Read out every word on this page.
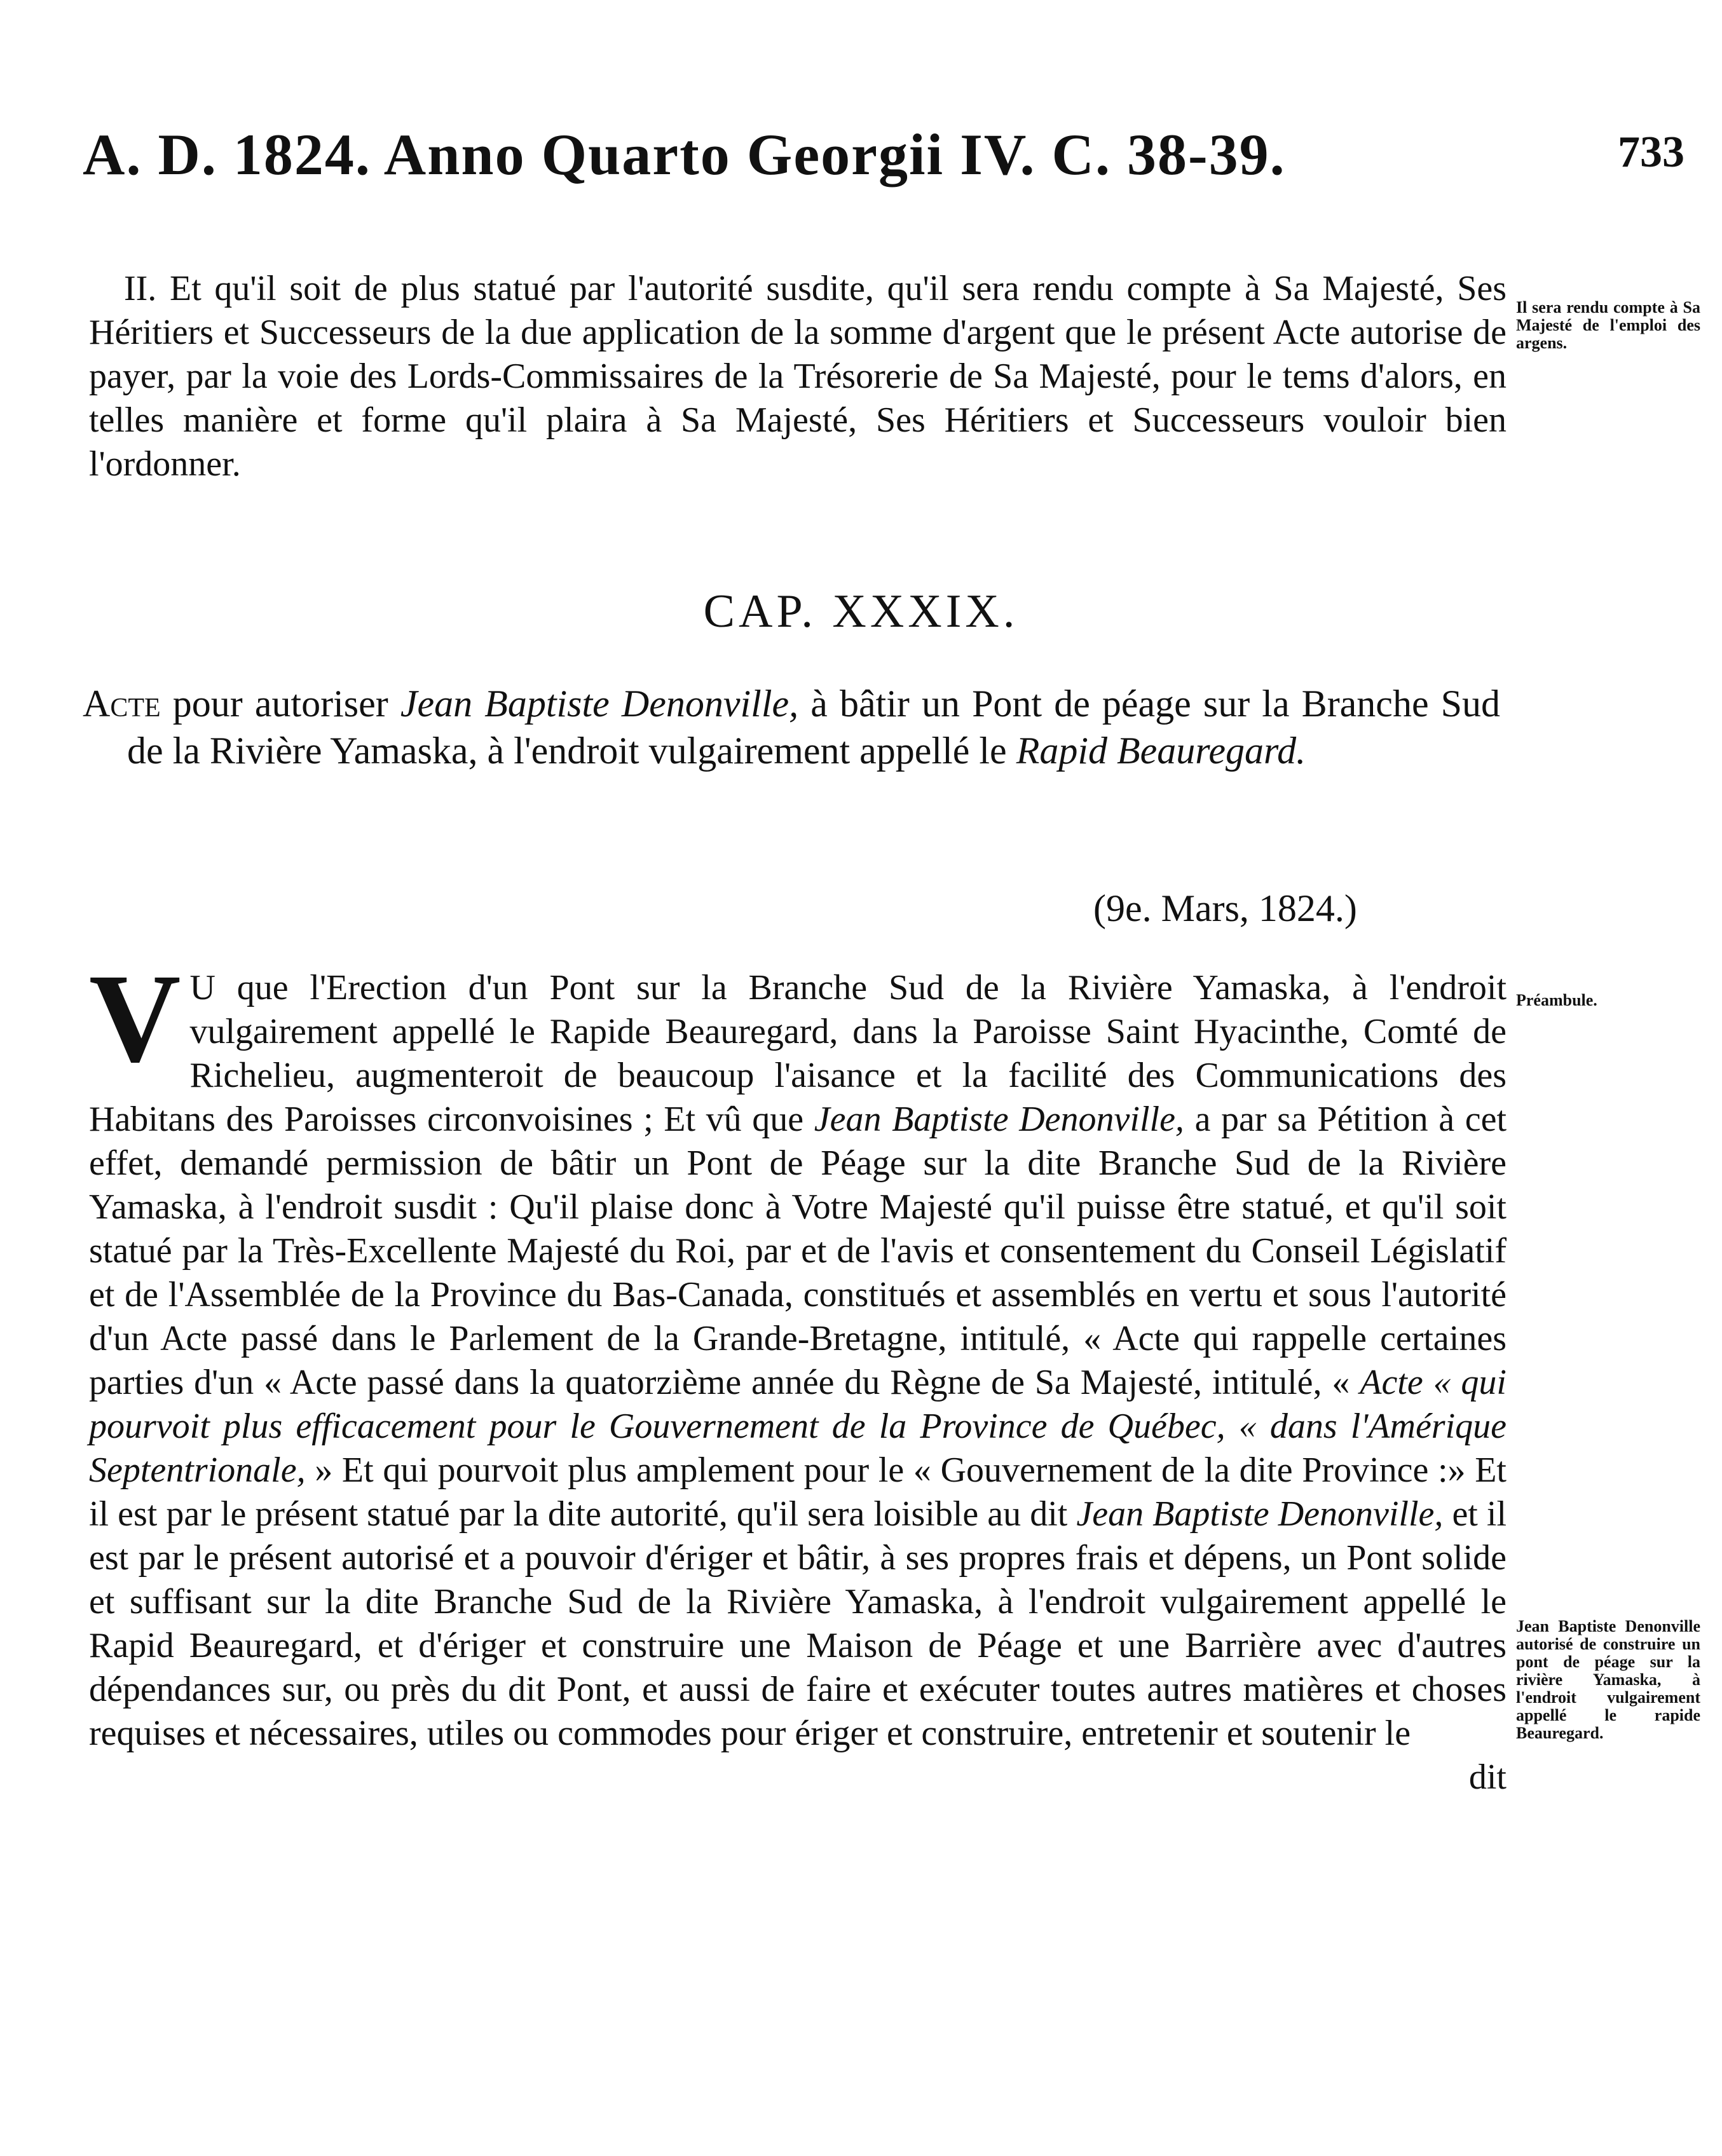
A. D. 1824. Anno Quarto Georgii IV. C. 38-39.	733

II. Et qu'il soit de plus statué par l'autorité susdite, qu'il sera rendu compte à Sa Majesté, Ses Héritiers et Successeurs de la due application de la somme d'argent que le présent Acte autorise de payer, par la voie des Lords-Commissaires de la Trésorerie de Sa Majesté, pour le tems d'alors, en telles manière et forme qu'il plaira à Sa Majesté, Ses Héritiers et Successeurs vouloir bien l'ordonner.

Il sera rendu compte à Sa Majesté de l'emploi des argens.
CAP. XXXIX.
Acte pour autoriser Jean Baptiste Denonville, à bâtir un Pont de péage sur la Branche Sud de la Rivière Yamaska, à l'endroit vulgairement appellé le Rapid Beauregard.
(9e. Mars, 1824.)

V U que l'Erection d'un Pont sur la Branche Sud de la Rivière Yamaska, à l'endroit vulgairement appellé le Rapide Beauregard, dans la Paroisse Saint Hyacinthe, Comté de Richelieu, augmenteroit de beaucoup l'aisance et la facilité des Communications des Habitans des Paroisses circonvoisines ; Et vû que Jean Baptiste Denonville, a par sa Pétition à cet effet, demandé permission de bâtir un Pont de Péage sur la dite Branche Sud de la Rivière Yamaska, à l'endroit susdit : Qu'il plaise donc à Votre Majesté qu'il puisse être statué, et qu'il soit statué par la Très-Excellente Majesté du Roi, par et de l'avis et consentement du Conseil Législatif et de l'Assemblée de la Province du Bas-Canada, constitués et assemblés en vertu et sous l'autorité d'un Acte passé dans le Parlement de la Grande-Bretagne, intitulé, « Acte qui rappelle certaines parties d'un « Acte passé dans la quatorzième année du Règne de Sa Majesté, intitulé, « Acte « qui pourvoit plus efficacement pour le Gouvernement de la Province de Québec, « dans l'Amérique Septentrionale, » Et qui pourvoit plus amplement pour le « Gouvernement de la dite Province :» Et il est par le présent statué par la dite autorité, qu'il sera loisible au dit Jean Baptiste Denonville, et il est par le présent autorisé et a pouvoir d'ériger et bâtir, à ses propres frais et dépens, un Pont solide et suffisant sur la dite Branche Sud de la Rivière Yamaska, à l'endroit vulgairement appellé le Rapid Beauregard, et d'ériger et construire une Maison de Péage et une Barrière avec d'autres dépendances sur, ou près du dit Pont, et aussi de faire et exécuter toutes autres matières et choses requises et nécessaires, utiles ou commodes pour ériger et construire, entretenir et soutenir le

dit
Préambule.
Jean Baptiste Denonville autorisé de construire un pont de péage sur la rivière Yamaska, à l'endroit vulgairement appellé le rapide Beauregard.
